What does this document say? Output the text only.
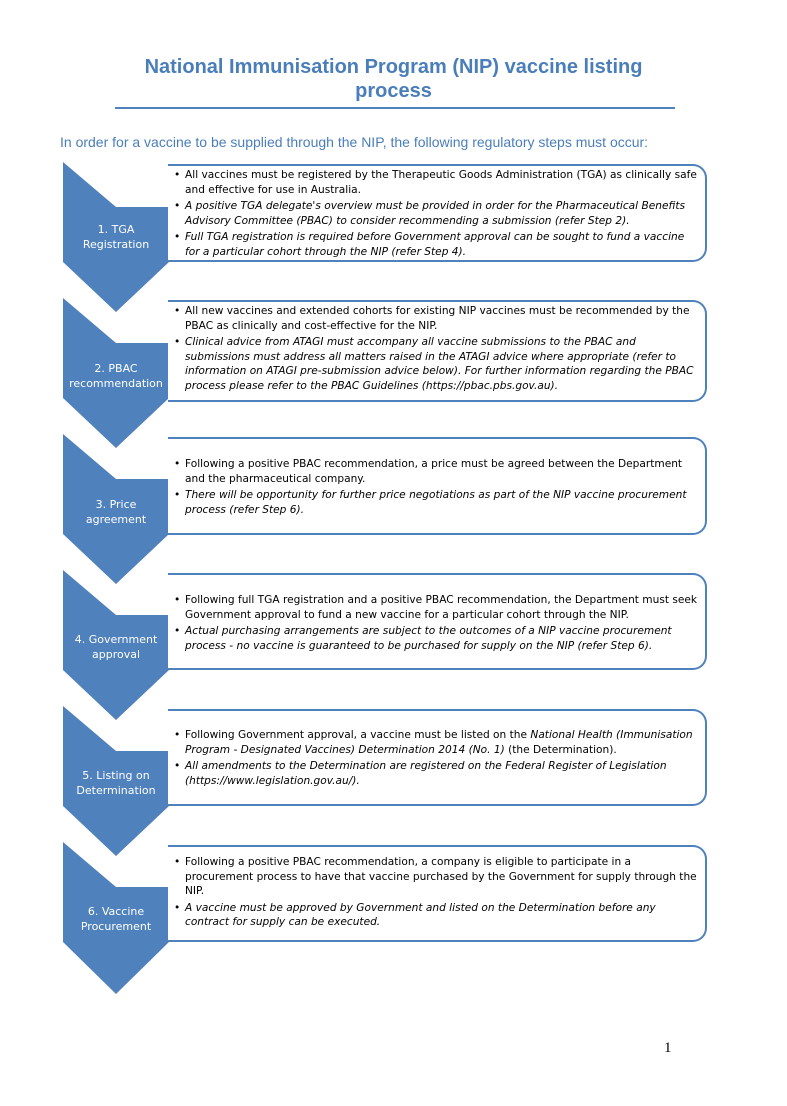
National Immunisation Program (NIP) vaccine listing
process
In order for a vaccine to be supplied through the NIP, the following regulatory steps must occur:
1. TGA
Registration
• All vaccines must be registered by the Therapeutic Goods Administration (TGA) as clinically safe and effective for use in Australia.
• A positive TGA delegate's overview must be provided in order for the Pharmaceutical Benefits Advisory Committee (PBAC) to consider recommending a submission (refer Step 2).
• Full TGA registration is required before Government approval can be sought to fund a vaccine for a particular cohort through the NIP (refer Step 4).
2. PBAC
recommendation
• All new vaccines and extended cohorts for existing NIP vaccines must be recommended by the PBAC as clinically and cost-effective for the NIP.
• Clinical advice from ATAGI must accompany all vaccine submissions to the PBAC and submissions must address all matters raised in the ATAGI advice where appropriate (refer to information on ATAGI pre-submission advice below). For further information regarding the PBAC process please refer to the PBAC Guidelines (https://pbac.pbs.gov.au).
3. Price
agreement
• Following a positive PBAC recommendation, a price must be agreed between the Department and the pharmaceutical company.
• There will be opportunity for further price negotiations as part of the NIP vaccine procurement process (refer Step 6).
4. Government
approval
• Following full TGA registration and a positive PBAC recommendation, the Department must seek Government approval to fund a new vaccine for a particular cohort through the NIP.
• Actual purchasing arrangements are subject to the outcomes of a NIP vaccine procurement process - no vaccine is guaranteed to be purchased for supply on the NIP (refer Step 6).
5. Listing on
Determination
• Following Government approval, a vaccine must be listed on the National Health (Immunisation Program - Designated Vaccines) Determination 2014 (No. 1) (the Determination).
• All amendments to the Determination are registered on the Federal Register of Legislation (https://www.legislation.gov.au/).
6. Vaccine
Procurement
• Following a positive PBAC recommendation, a company is eligible to participate in a procurement process to have that vaccine purchased by the Government for supply through the NIP.
• A vaccine must be approved by Government and listed on the Determination before any contract for supply can be executed.
1
